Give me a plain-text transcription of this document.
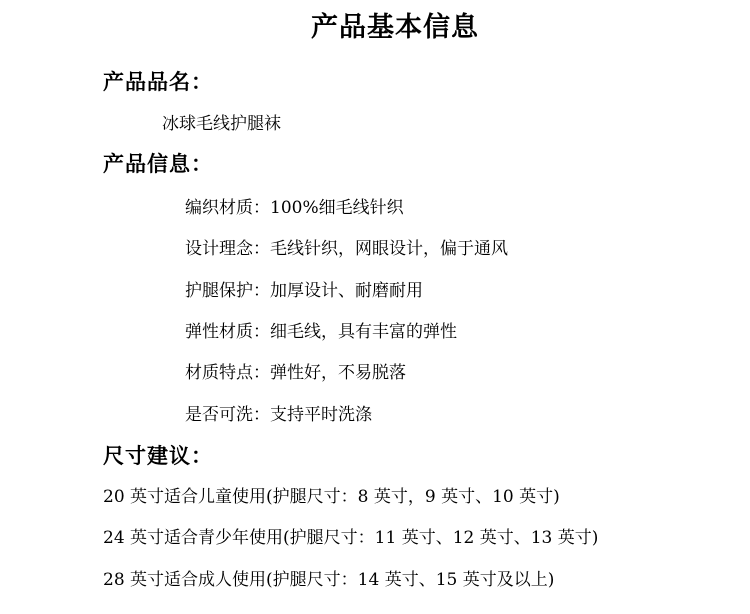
产品基本信息
产品品名：
冰球毛线护腿袜
产品信息：
编织材质：100%细毛线针织
设计理念：毛线针织，网眼设计，偏于通风
护腿保护：加厚设计、耐磨耐用
弹性材质：细毛线，具有丰富的弹性
材质特点：弹性好，不易脱落
是否可洗：支持平时洗涤
尺寸建议：
20 英寸适合儿童使用(护腿尺寸：8 英寸，9 英寸、10 英寸)
24 英寸适合青少年使用(护腿尺寸：11 英寸、12 英寸、13 英寸)
28 英寸适合成人使用(护腿尺寸：14 英寸、15 英寸及以上)
